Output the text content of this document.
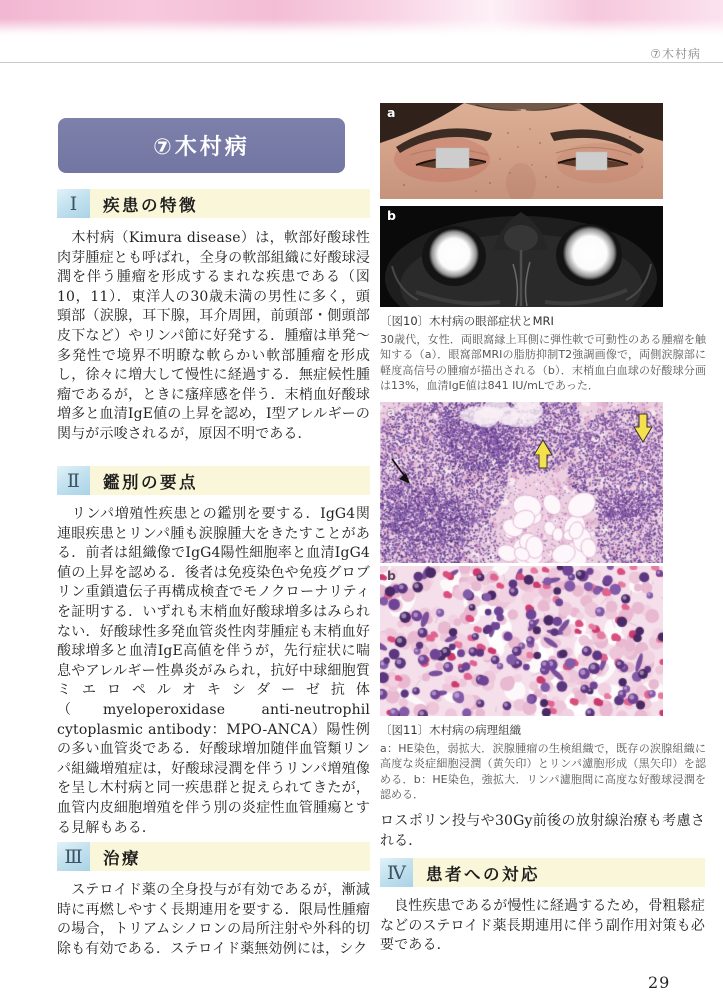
⑦木村病
⑦木村病
Ⅰ	疾患の特徴
　木村病（Kimura disease）は，軟部好酸球性肉芽腫症とも呼ばれ，全身の軟部組織に好酸球浸潤を伴う腫瘤を形成するまれな疾患である（図10，11）．東洋人の30歳未満の男性に多く，頭頸部（涙腺，耳下腺，耳介周囲，前頭部・側頭部皮下など）やリンパ節に好発する．腫瘤は単発～多発性で境界不明瞭な軟らかい軟部腫瘤を形成し，徐々に増大して慢性に経過する．無症候性腫瘤であるが，ときに瘙痒感を伴う．末梢血好酸球増多と血清IgE値の上昇を認め，Ⅰ型アレルギーの関与が示唆されるが，原因不明である．
Ⅱ	鑑別の要点
　リンパ増殖性疾患との鑑別を要する．IgG4関連眼疾患とリンパ腫も涙腺腫大をきたすことがある．前者は組織像でIgG4陽性細胞率と血清IgG4値の上昇を認める．後者は免疫染色や免疫グロブリン重鎖遺伝子再構成検査でモノクローナリティを証明する．いずれも末梢血好酸球増多はみられない．好酸球性多発血管炎性肉芽腫症も末梢血好酸球増多と血清IgE高値を伴うが，先行症状に喘息やアレルギー性鼻炎がみられ，抗好中球細胞質ミエロペルオキシダーゼ抗体（myeloperoxidase anti-neutrophil cytoplasmic antibody：MPO-ANCA）陽性例の多い血管炎である．好酸球増加随伴血管類リンパ組織増殖症は，好酸球浸潤を伴うリンパ増殖像を呈し木村病と同一疾患群と捉えられてきたが，血管内皮細胞増殖を伴う別の炎症性血管腫瘍とする見解もある．
Ⅲ	治療
　ステロイド薬の全身投与が有効であるが，漸減時に再燃しやすく長期連用を要する．限局性腫瘤の場合，トリアムシノロンの局所注射や外科的切除も有効である．ステロイド薬無効例には，シク
a
b
〔図10〕木村病の眼部症状とMRI
30歳代，女性．両眼窩縁上耳側に弾性軟で可動性のある腫瘤を触知する（a）．眼窩部MRIの脂肪抑制T2強調画像で，両側涙腺部に軽度高信号の腫瘤が描出される（b）．末梢血白血球の好酸球分画は13%，血清IgE値は841 IU/mLであった．
a
b
〔図11〕木村病の病理組織
a：HE染色，弱拡大．涙腺腫瘤の生検組織で，既存の涙腺組織に高度な炎症細胞浸潤（黄矢印）とリンパ濾胞形成（黒矢印）を認める．b：HE染色，強拡大．リンパ濾胞間に高度な好酸球浸潤を認める．
ロスポリン投与や30Gy前後の放射線治療も考慮される．
Ⅳ	患者への対応
　良性疾患であるが慢性に経過するため，骨粗鬆症などのステロイド薬長期連用に伴う副作用対策も必要である．
29
